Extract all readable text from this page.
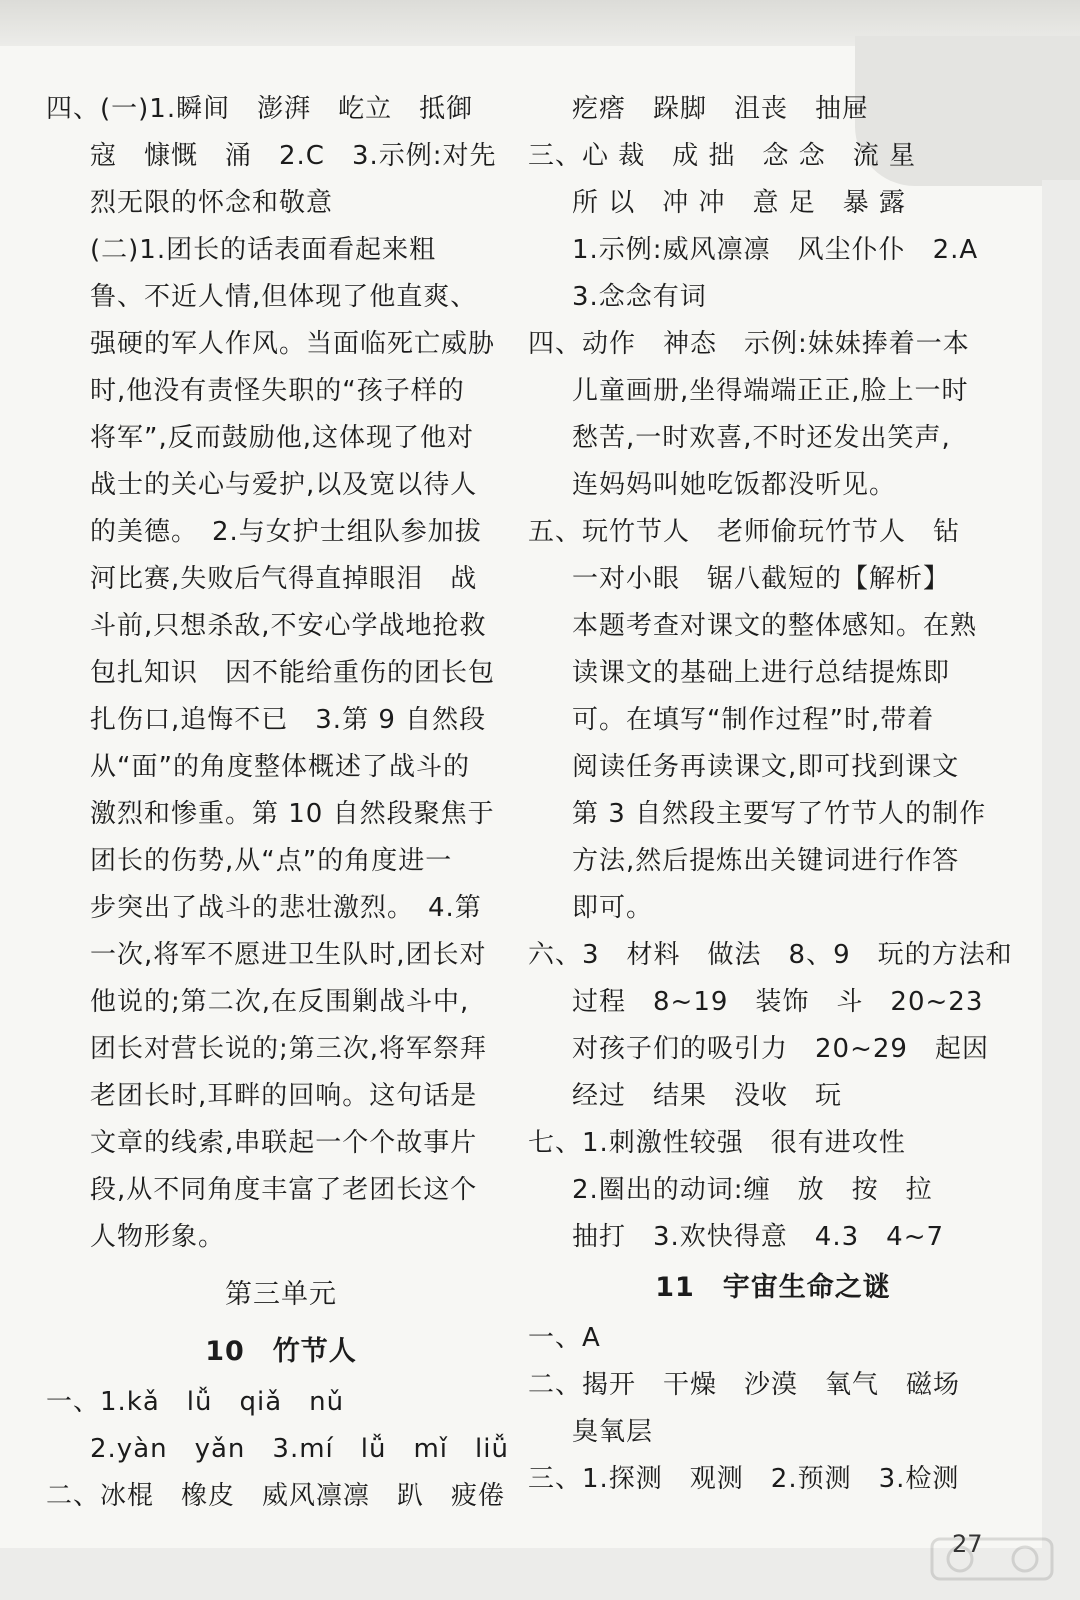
四、(一)1.瞬间　澎湃　屹立　抵御
寇　慷慨　涌　2.C　3.示例:对先
烈无限的怀念和敬意
(二)1.团长的话表面看起来粗
鲁、不近人情,但体现了他直爽、
强硬的军人作风。当面临死亡威胁
时,他没有责怪失职的“孩子样的
将军”,反而鼓励他,这体现了他对
战士的关心与爱护,以及宽以待人
的美德。　2.与女护士组队参加拔
河比赛,失败后气得直掉眼泪　战
斗前,只想杀敌,不安心学战地抢救
包扎知识　因不能给重伤的团长包
扎伤口,追悔不已　3.第 9 自然段
从“面”的角度整体概述了战斗的
激烈和惨重。第 10 自然段聚焦于
团长的伤势,从“点”的角度进一
步突出了战斗的悲壮激烈。　4.第
一次,将军不愿进卫生队时,团长对
他说的;第二次,在反围剿战斗中,
团长对营长说的;第三次,将军祭拜
老团长时,耳畔的回响。这句话是
文章的线索,串联起一个个故事片
段,从不同角度丰富了老团长这个
人物形象。
第三单元
10　竹节人
一、1.kǎ　lǚ　qiǎ　nǔ
2.yàn　yǎn　3.mí　lǚ　mǐ　liǚ
二、冰棍　橡皮　威风凛凛　趴　疲倦
疙瘩　跺脚　沮丧　抽屉
三、心 裁　成 拙　念 念　流 星
所 以　冲 冲　意 足　暴 露
1.示例:威风凛凛　风尘仆仆　2.A
3.念念有词
四、动作　神态　示例:妹妹捧着一本
儿童画册,坐得端端正正,脸上一时
愁苦,一时欢喜,不时还发出笑声,
连妈妈叫她吃饭都没听见。
五、玩竹节人　老师偷玩竹节人　钻
一对小眼　锯八截短的【解析】
本题考查对课文的整体感知。在熟
读课文的基础上进行总结提炼即
可。在填写“制作过程”时,带着
阅读任务再读课文,即可找到课文
第 3 自然段主要写了竹节人的制作
方法,然后提炼出关键词进行作答
即可。
六、3　材料　做法　8、9　玩的方法和
过程　8~19　装饰　斗　20~23
对孩子们的吸引力　20~29　起因
经过　结果　没收　玩
七、1.刺激性较强　很有进攻性
2.圈出的动词:缠　放　按　拉
抽打　3.欢快得意　4.3　4~7
11　宇宙生命之谜
一、A
二、揭开　干燥　沙漠　氧气　磁场
臭氧层
三、1.探测　观测　2.预测　3.检测
27
